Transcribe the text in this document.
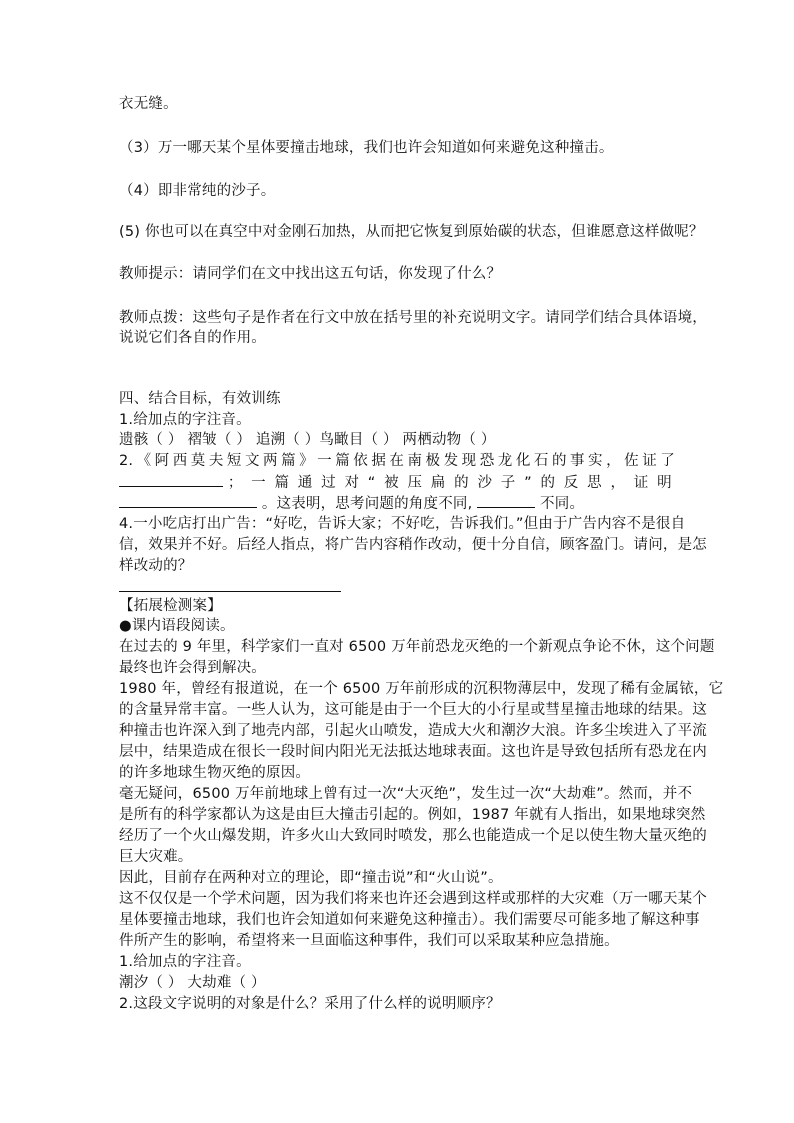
衣无缝。
（3）万一哪天某个星体要撞击地球，我们也许会知道如何来避免这种撞击。
（4）即非常纯的沙子。
(5) 你也可以在真空中对金刚石加热，从而把它恢复到原始碳的状态，但谁愿意这样做呢？
教师提示：请同学们在文中找出这五句话，你发现了什么？
教师点拨：这些句子是作者在行文中放在括号里的补充说明文字。请同学们结合具体语境，
说说它们各自的作用。
四、结合目标，有效训练
1.给加点的字注音。
遗骸（ ） 褶皱（ ） 追溯（ ）鸟瞰目（ ） 两栖动物（ ）
2.《阿西莫夫短文两篇》一篇依据在南极发现恐龙化石的事实，佐证了
；一篇通过对“被压扁的沙子”的反思，证明
。这表明，思考问题的角度不同,	不同。
4.一小吃店打出广告：“好吃，告诉大家；不好吃，告诉我们。”但由于广告内容不是很自
信，效果并不好。后经人指点，将广告内容稍作改动，便十分自信，顾客盈门。请问，是怎
样改动的？
【拓展检测案】
●课内语段阅读。
在过去的 9 年里，科学家们一直对 6500 万年前恐龙灭绝的一个新观点争论不休，这个问题
最终也许会得到解决。
1980 年，曾经有报道说，在一个 6500 万年前形成的沉积物薄层中，发现了稀有金属铱，它
的含量异常丰富。一些人认为，这可能是由于一个巨大的小行星或彗星撞击地球的结果。这
种撞击也许深入到了地壳内部，引起火山喷发，造成大火和潮汐大浪。许多尘埃进入了平流
层中，结果造成在很长一段时间内阳光无法抵达地球表面。这也许是导致包括所有恐龙在内
的许多地球生物灭绝的原因。
毫无疑问，6500 万年前地球上曾有过一次“大灭绝”，发生过一次“大劫难”。然而，并不
是所有的科学家都认为这是由巨大撞击引起的。例如，1987 年就有人指出，如果地球突然
经历了一个火山爆发期，许多火山大致同时喷发，那么也能造成一个足以使生物大量灭绝的
巨大灾难。
因此，目前存在两种对立的理论，即“撞击说”和“火山说”。
这不仅仅是一个学术问题，因为我们将来也许还会遇到这样或那样的大灾难（万一哪天某个
星体要撞击地球，我们也许会知道如何来避免这种撞击）。我们需要尽可能多地了解这种事
件所产生的影响，希望将来一旦面临这种事件，我们可以采取某种应急措施。
1.给加点的字注音。
潮汐（ ） 大劫难（ ）
2.这段文字说明的对象是什么？采用了什么样的说明顺序？
